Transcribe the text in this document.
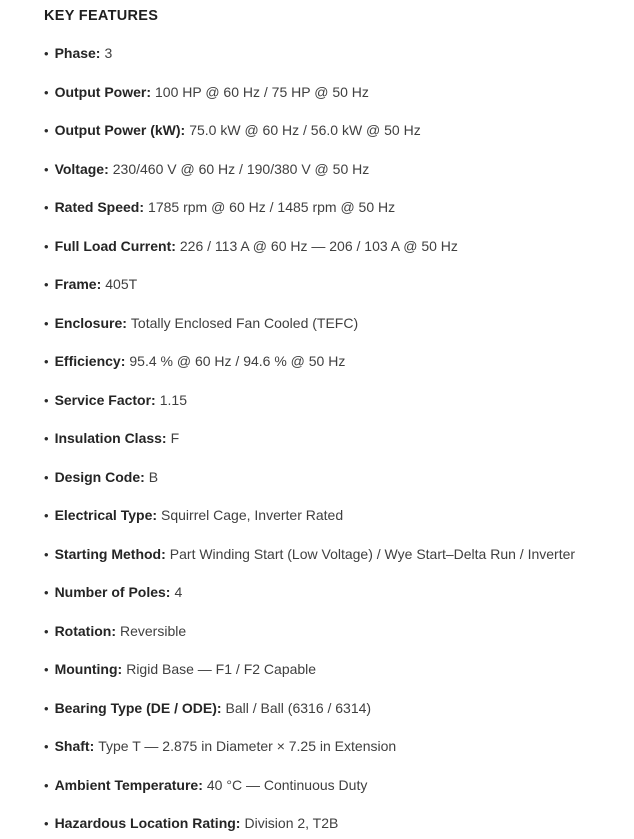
KEY FEATURES
• Phase: 3
• Output Power: 100 HP @ 60 Hz / 75 HP @ 50 Hz
• Output Power (kW): 75.0 kW @ 60 Hz / 56.0 kW @ 50 Hz
• Voltage: 230/460 V @ 60 Hz / 190/380 V @ 50 Hz
• Rated Speed: 1785 rpm @ 60 Hz / 1485 rpm @ 50 Hz
• Full Load Current: 226 / 113 A @ 60 Hz — 206 / 103 A @ 50 Hz
• Frame: 405T
• Enclosure: Totally Enclosed Fan Cooled (TEFC)
• Efficiency: 95.4 % @ 60 Hz / 94.6 % @ 50 Hz
• Service Factor: 1.15
• Insulation Class: F
• Design Code: B
• Electrical Type: Squirrel Cage, Inverter Rated
• Starting Method: Part Winding Start (Low Voltage) / Wye Start–Delta Run / Inverter
• Number of Poles: 4
• Rotation: Reversible
• Mounting: Rigid Base — F1 / F2 Capable
• Bearing Type (DE / ODE): Ball / Ball (6316 / 6314)
• Shaft: Type T — 2.875 in Diameter × 7.25 in Extension
• Ambient Temperature: 40 °C — Continuous Duty
• Hazardous Location Rating: Division 2, T2B
